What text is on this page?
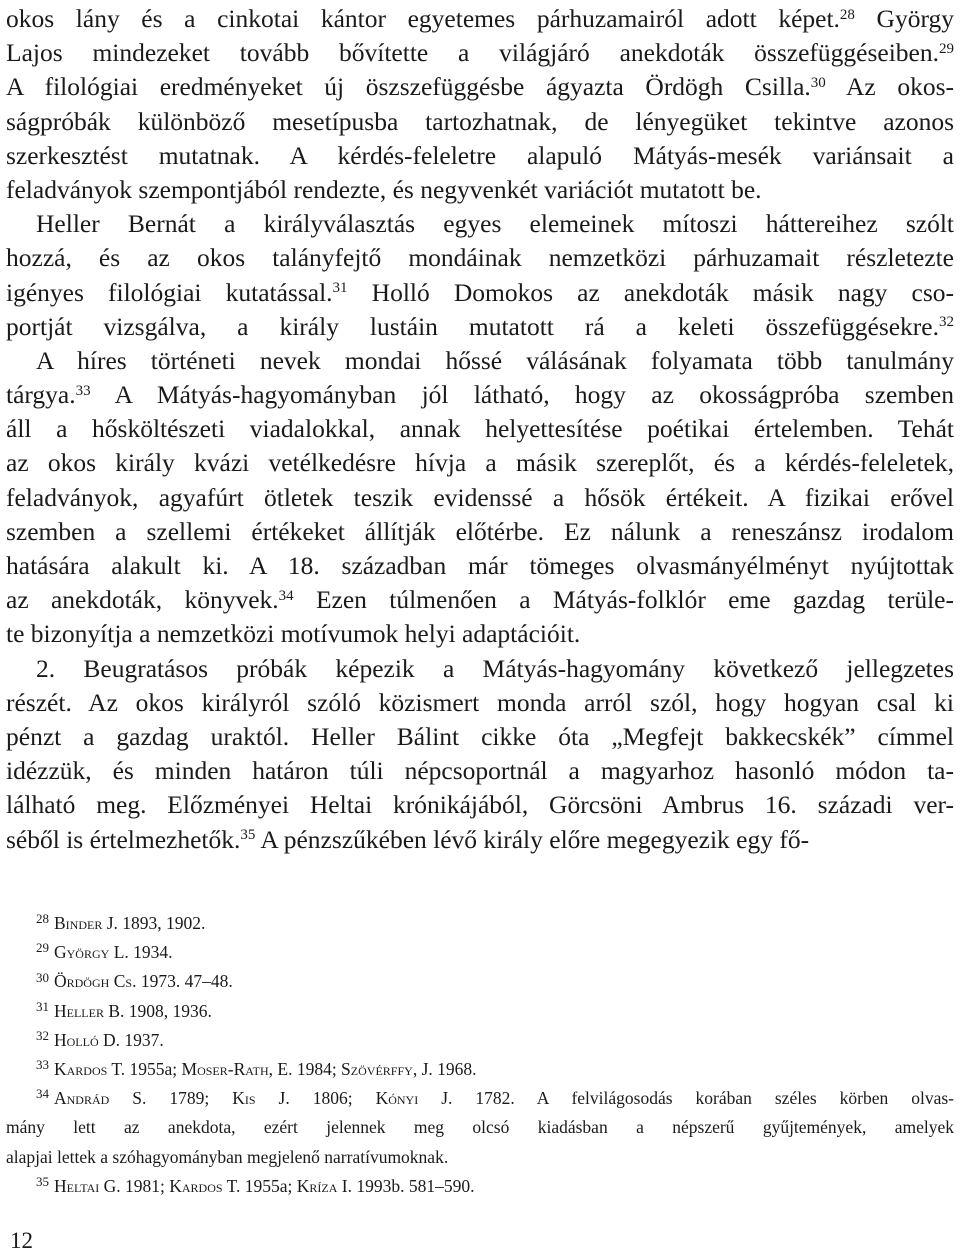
okos lány és a cinkotai kántor egyetemes párhuzamairól adott képet.$^{28}$ György
Lajos mindezeket tovább bővítette a világjáró anekdoták összefüggéseiben.$^{29}$
A filológiai eredményeket új öszszefüggésbe ágyazta Ördögh Csilla.$^{30}$ Az okos-
ságpróbák különböző mesetípusba tartozhatnak, de lényegüket tekintve azonos
szerkesztést mutatnak. A kérdés-feleletre alapuló Mátyás-mesék variánsait a
feladványok szempontjából rendezte, és negyvenkét variációt mutatott be.
Heller Bernát a királyválasztás egyes elemeinek mítoszi háttereihez szólt
hozzá, és az okos talányfejtő mondáinak nemzetközi párhuzamait részletezte
igényes filológiai kutatással.$^{31}$ Holló Domokos az anekdoták másik nagy cso-
portját vizsgálva, a király lustáin mutatott rá a keleti összefüggésekre.$^{32}$
A híres történeti nevek mondai hőssé válásának folyamata több tanulmány
tárgya.$^{33}$ A Mátyás-hagyományban jól látható, hogy az okosságpróba szemben
áll a hősköltészeti viadalokkal, annak helyettesítése poétikai értelemben. Tehát
az okos király kvázi vetélkedésre hívja a másik szereplőt, és a kérdés-feleletek,
feladványok, agyafúrt ötletek teszik evidenssé a hősök értékeit. A fizikai erővel
szemben a szellemi értékeket állítják előtérbe. Ez nálunk a reneszánsz irodalom
hatására alakult ki. A 18. században már tömeges olvasmányélményt nyújtottak
az anekdoták, könyvek.$^{34}$ Ezen túlmenően a Mátyás-folklór eme gazdag terüle-
te bizonyítja a nemzetközi motívumok helyi adaptációit.
2. Beugratásos próbák képezik a Mátyás-hagyomány következő jellegzetes
részét. Az okos királyról szóló közismert monda arról szól, hogy hogyan csal ki
pénzt a gazdag uraktól. Heller Bálint cikke óta „Megfejt bakkecskék” címmel
idézzük, és minden határon túli népcsoportnál a magyarhoz hasonló módon ta-
lálható meg. Előzményei Heltai krónikájából, Görcsöni Ambrus 16. századi ver-
séből is értelmezhetők.$^{35}$ A pénzszűkében lévő király előre megegyezik egy fő-
$^{28}$ Binder J. 1893, 1902.
$^{29}$ György L. 1934.
$^{30}$ Ördögh Cs. 1973. 47–48.
$^{31}$ Heller B. 1908, 1936.
$^{32}$ Holló D. 1937.
$^{33}$ Kardos T. 1955a; Moser-Rath, E. 1984; Szövérffy, J. 1968.
$^{34}$ Andrád S. 1789; Kis J. 1806; Kónyi J. 1782. A felvilágosodás korában széles körben olvas-
mány lett az anekdota, ezért jelennek meg olcsó kiadásban a népszerű gyűjtemények, amelyek
alapjai lettek a szóhagyományban megjelenő narratívumoknak.
$^{35}$ Heltai G. 1981; Kardos T. 1955a; Kríza I. 1993b. 581–590.
12
